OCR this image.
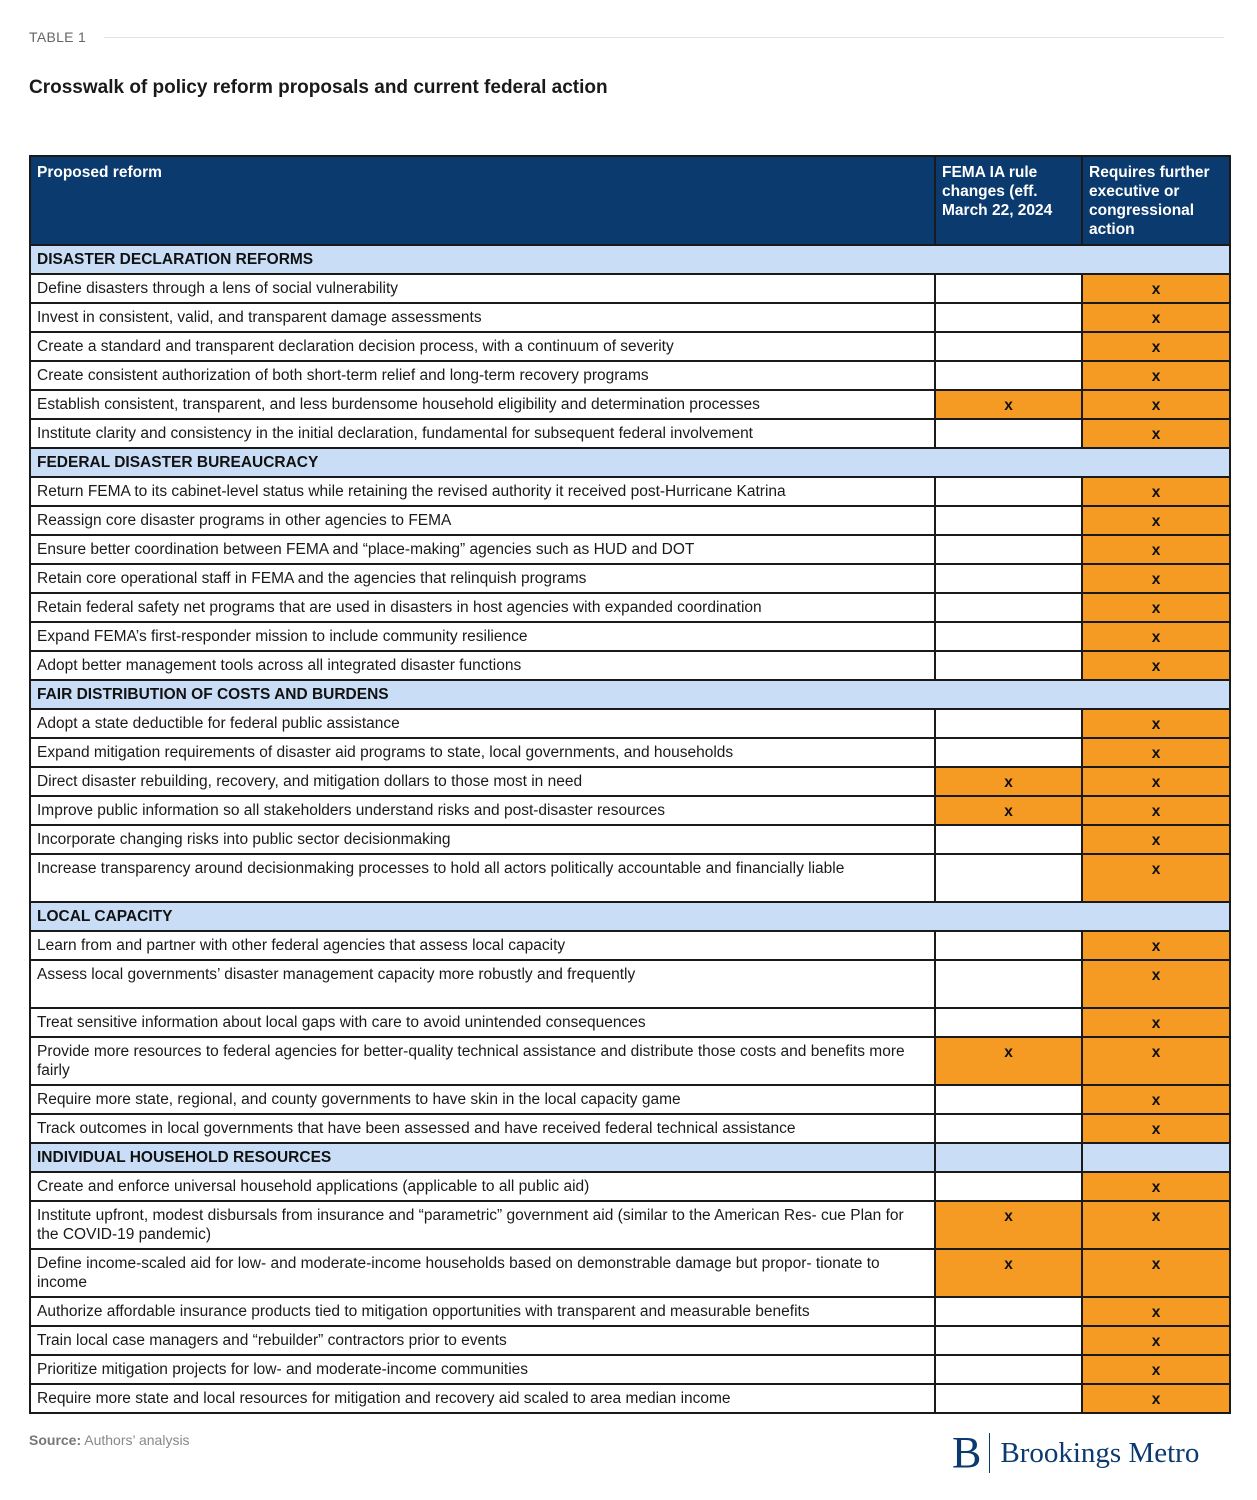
TABLE 1
Crosswalk of policy reform proposals and current federal action
Proposed reform	FEMA IA rule changes (eff. March 22, 2024	Requires further executive or congressional action
DISASTER DECLARATION REFORMS		
Define disasters through a lens of social vulnerability		x
Invest in consistent, valid, and transparent damage assessments		x
Create a standard and transparent declaration decision process, with a continuum of severity		x
Create consistent authorization of both short-term relief and long-term recovery programs		x
Establish consistent, transparent, and less burdensome household eligibility and determination processes	x	x
Institute clarity and consistency in the initial declaration, fundamental for subsequent federal involvement		x
FEDERAL DISASTER BUREAUCRACY		
Return FEMA to its cabinet-level status while retaining the revised authority it received post-Hurricane Katrina		x
Reassign core disaster programs in other agencies to FEMA		x
Ensure better coordination between FEMA and “place-making” agencies such as HUD and DOT		x
Retain core operational staff in FEMA and the agencies that relinquish programs		x
Retain federal safety net programs that are used in disasters in host agencies with expanded coordination		x
Expand FEMA’s first-responder mission to include community resilience		x
Adopt better management tools across all integrated disaster functions		x
FAIR DISTRIBUTION OF COSTS AND BURDENS		
Adopt a state deductible for federal public assistance		x
Expand mitigation requirements of disaster aid programs to state, local governments, and households		x
Direct disaster rebuilding, recovery, and mitigation dollars to those most in need	x	x
Improve public information so all stakeholders understand risks and post-disaster resources	x	x
Incorporate changing risks into public sector decisionmaking		x
Increase transparency around decisionmaking processes to hold all actors politically accountable and financially liable		x
LOCAL CAPACITY		
Learn from and partner with other federal agencies that assess local capacity		x
Assess local governments’ disaster management capacity more robustly and frequently		x
Treat sensitive information about local gaps with care to avoid unintended consequences		x
Provide more resources to federal agencies for better-quality technical assistance and distribute those costs and benefits more fairly	x	x
Require more state, regional, and county governments to have skin in the local capacity game		x
Track outcomes in local governments that have been assessed and have received federal technical assistance		x
INDIVIDUAL HOUSEHOLD RESOURCES		
Create and enforce universal household applications (applicable to all public aid)		x
Institute upfront, modest disbursals from insurance and “parametric” government aid (similar to the American Res- cue Plan for the COVID-19 pandemic)	x	x
Define income-scaled aid for low- and moderate-income households based on demonstrable damage but propor- tionate to income	x	x
Authorize affordable insurance products tied to mitigation opportunities with transparent and measurable benefits		x
Train local case managers and “rebuilder” contractors prior to events		x
Prioritize mitigation projects for low- and moderate-income communities		x
Require more state and local resources for mitigation and recovery aid scaled to area median income		x
Source: Authors’ analysis	B Brookings Metro
